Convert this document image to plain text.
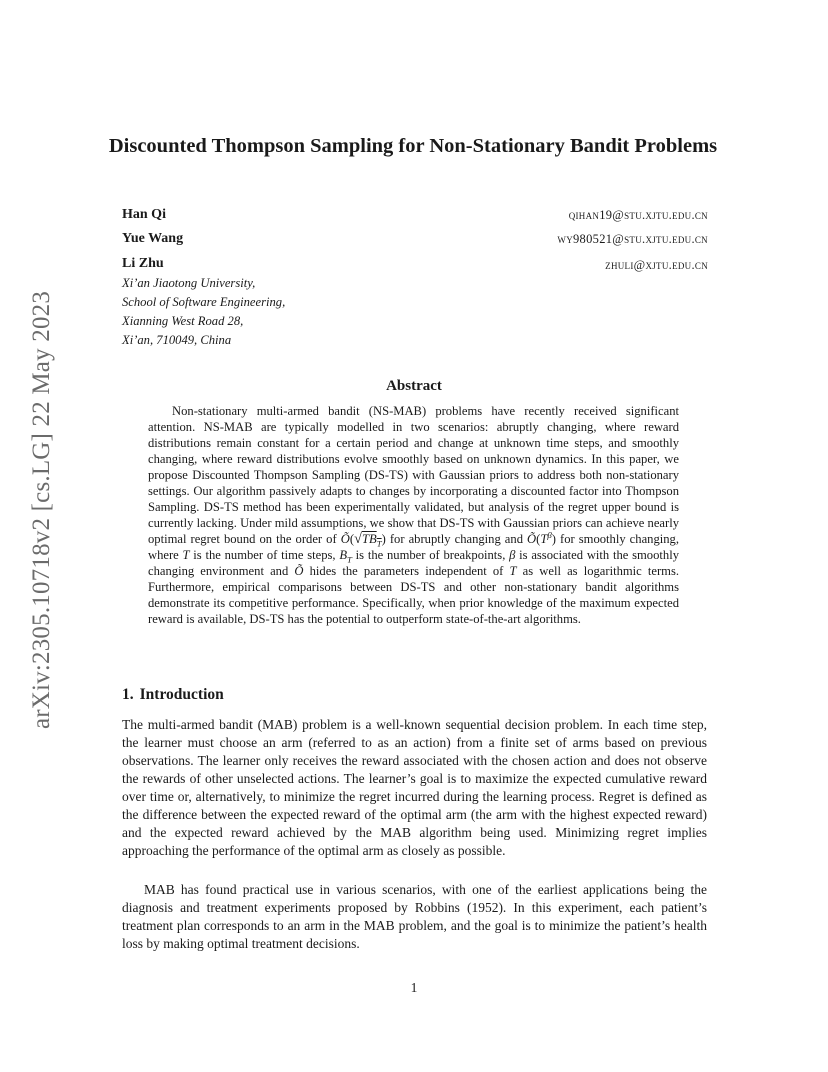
arXiv:2305.10718v2 [cs.LG] 22 May 2023
Discounted Thompson Sampling for Non-Stationary Bandit Problems
Han Qi	qihan19@stu.xjtu.edu.cn
Yue Wang	wy980521@stu.xjtu.edu.cn
Li Zhu	zhuli@xjtu.edu.cn
Xi’an Jiaotong University,
School of Software Engineering,
Xianning West Road 28,
Xi’an, 710049, China
Abstract
Non-stationary multi-armed bandit (NS-MAB) problems have recently received significant attention. NS-MAB are typically modelled in two scenarios: abruptly changing, where reward distributions remain constant for a certain period and change at unknown time steps, and smoothly changing, where reward distributions evolve smoothly based on unknown dynamics. In this paper, we propose Discounted Thompson Sampling (DS-TS) with Gaussian priors to address both non-stationary settings. Our algorithm passively adapts to changes by incorporating a discounted factor into Thompson Sampling. DS-TS method has been experimentally validated, but analysis of the regret upper bound is currently lacking. Under mild assumptions, we show that DS-TS with Gaussian priors can achieve nearly optimal regret bound on the order of $Õ(√TB_T)$ for abruptly changing and $Õ(T^\beta)$ for smoothly changing, where T is the number of time steps, $B_T$ is the number of breakpoints, β is associated with the smoothly changing environment and Õ hides the parameters independent of T as well as logarithmic terms. Furthermore, empirical comparisons between DS-TS and other non-stationary bandit algorithms demonstrate its competitive performance. Specifically, when prior knowledge of the maximum expected reward is available, DS-TS has the potential to outperform state-of-the-art algorithms.
1. Introduction

The multi-armed bandit (MAB) problem is a well-known sequential decision problem. In each time step, the learner must choose an arm (referred to as an action) from a finite set of arms based on previous observations. The learner only receives the reward associated with the chosen action and does not observe the rewards of other unselected actions. The learner’s goal is to maximize the expected cumulative reward over time or, alternatively, to minimize the regret incurred during the learning process. Regret is defined as the difference between the expected reward of the optimal arm (the arm with the highest expected reward) and the expected reward achieved by the MAB algorithm being used. Minimizing regret implies approaching the performance of the optimal arm as closely as possible.

MAB has found practical use in various scenarios, with one of the earliest applications being the diagnosis and treatment experiments proposed by Robbins (1952). In this experiment, each patient’s treatment plan corresponds to an arm in the MAB problem, and the goal is to minimize the patient’s health loss by making optimal treatment decisions.

1
